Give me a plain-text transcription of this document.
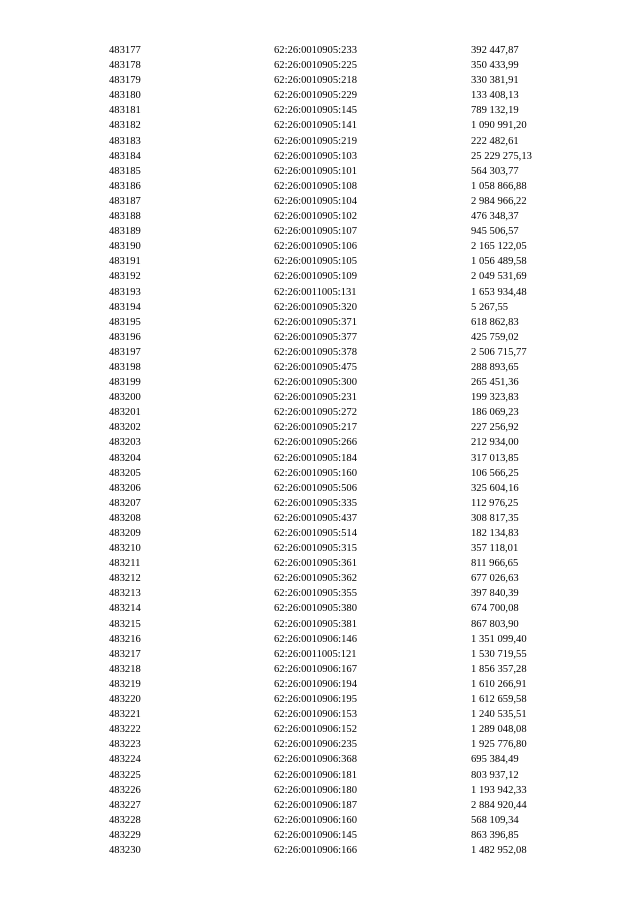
483177	62:26:0010905:233	392 447,87
483178	62:26:0010905:225	350 433,99
483179	62:26:0010905:218	330 381,91
483180	62:26:0010905:229	133 408,13
483181	62:26:0010905:145	789 132,19
483182	62:26:0010905:141	1 090 991,20
483183	62:26:0010905:219	222 482,61
483184	62:26:0010905:103	25 229 275,13
483185	62:26:0010905:101	564 303,77
483186	62:26:0010905:108	1 058 866,88
483187	62:26:0010905:104	2 984 966,22
483188	62:26:0010905:102	476 348,37
483189	62:26:0010905:107	945 506,57
483190	62:26:0010905:106	2 165 122,05
483191	62:26:0010905:105	1 056 489,58
483192	62:26:0010905:109	2 049 531,69
483193	62:26:0011005:131	1 653 934,48
483194	62:26:0010905:320	5 267,55
483195	62:26:0010905:371	618 862,83
483196	62:26:0010905:377	425 759,02
483197	62:26:0010905:378	2 506 715,77
483198	62:26:0010905:475	288 893,65
483199	62:26:0010905:300	265 451,36
483200	62:26:0010905:231	199 323,83
483201	62:26:0010905:272	186 069,23
483202	62:26:0010905:217	227 256,92
483203	62:26:0010905:266	212 934,00
483204	62:26:0010905:184	317 013,85
483205	62:26:0010905:160	106 566,25
483206	62:26:0010905:506	325 604,16
483207	62:26:0010905:335	112 976,25
483208	62:26:0010905:437	308 817,35
483209	62:26:0010905:514	182 134,83
483210	62:26:0010905:315	357 118,01
483211	62:26:0010905:361	811 966,65
483212	62:26:0010905:362	677 026,63
483213	62:26:0010905:355	397 840,39
483214	62:26:0010905:380	674 700,08
483215	62:26:0010905:381	867 803,90
483216	62:26:0010906:146	1 351 099,40
483217	62:26:0011005:121	1 530 719,55
483218	62:26:0010906:167	1 856 357,28
483219	62:26:0010906:194	1 610 266,91
483220	62:26:0010906:195	1 612 659,58
483221	62:26:0010906:153	1 240 535,51
483222	62:26:0010906:152	1 289 048,08
483223	62:26:0010906:235	1 925 776,80
483224	62:26:0010906:368	695 384,49
483225	62:26:0010906:181	803 937,12
483226	62:26:0010906:180	1 193 942,33
483227	62:26:0010906:187	2 884 920,44
483228	62:26:0010906:160	568 109,34
483229	62:26:0010906:145	863 396,85
483230	62:26:0010906:166	1 482 952,08
